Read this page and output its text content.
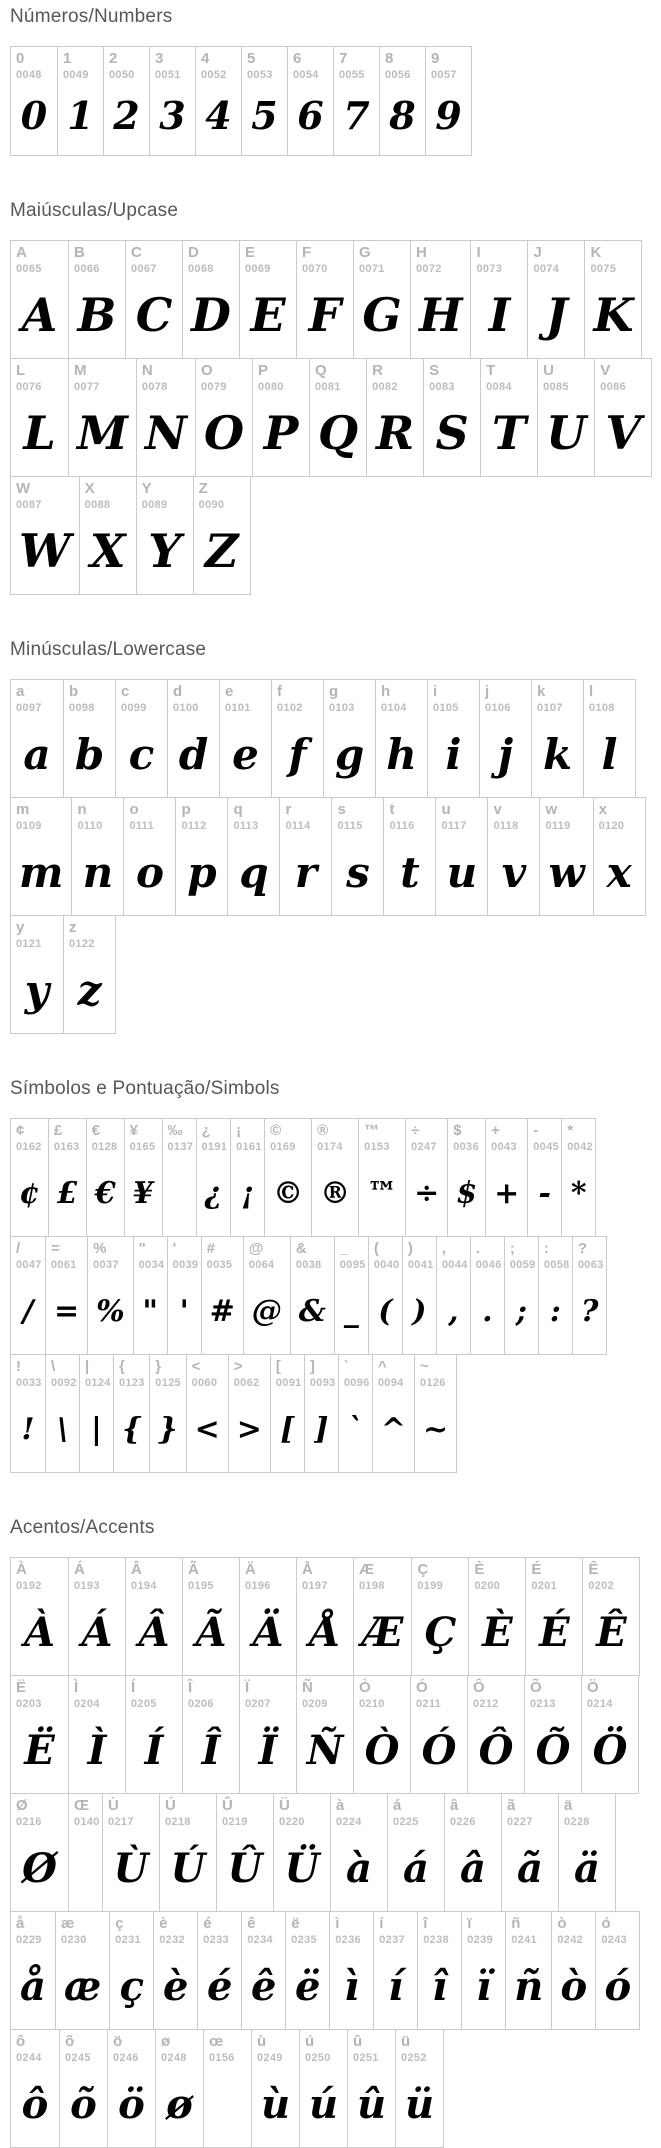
Números/Numbers
0
0048
0
1
0049
1
2
0050
2
3
0051
3
4
0052
4
5
0053
5
6
0054
6
7
0055
7
8
0056
8
9
0057
9
Maiúsculas/Upcase
A
0065
A
B
0066
B
C
0067
C
D
0068
D
E
0069
E
F
0070
F
G
0071
G
H
0072
H
I
0073
I
J
0074
J
K
0075
K
L
0076
L
M
0077
M
N
0078
N
O
0079
O
P
0080
P
Q
0081
Q
R
0082
R
S
0083
S
T
0084
T
U
0085
U
V
0086
V
W
0087
W
X
0088
X
Y
0089
Y
Z
0090
Z
Minúsculas/Lowercase
a
0097
a
b
0098
b
c
0099
c
d
0100
d
e
0101
e
f
0102
f
g
0103
g
h
0104
h
i
0105
i
j
0106
j
k
0107
k
l
0108
l
m
0109
m
n
0110
n
o
0111
o
p
0112
p
q
0113
q
r
0114
r
s
0115
s
t
0116
t
u
0117
u
v
0118
v
w
0119
w
x
0120
x
y
0121
y
z
0122
z
Símbolos e Pontuação/Simbols
¢
0162
¢
£
0163
£
€
0128
€
¥
0165
¥
‰
0137
¿
0191
¿
¡
0161
¡
©
0169
©
®
0174
®
™
0153
™
÷
0247
÷
$
0036
$
+
0043
+
-
0045
-
*
0042
*
/
0047
/
=
0061
=
%
0037
%
"
0034
"
'
0039
'
#
0035
#
@
0064
@
&
0038
&
_
0095
_
(
0040
(
)
0041
)
,
0044
,
.
0046
.
;
0059
;
:
0058
:
?
0063
?
!
0033
!
\
0092
\
|
0124
|
{
0123
{
}
0125
}
<
0060
<
>
0062
>
[
0091
[
]
0093
]
`
0096
`
^
0094
^
~
0126
~
Acentos/Accents
À
0192
À
Á
0193
Á
Â
0194
Â
Ã
0195
Ã
Ä
0196
Ä
Å
0197
Å
Æ
0198
Æ
Ç
0199
Ç
È
0200
È
É
0201
É
Ê
0202
Ê
Ë
0203
Ë
Ì
0204
Ì
Í
0205
Í
Î
0206
Î
Ï
0207
Ï
Ñ
0209
Ñ
Ò
0210
Ò
Ó
0211
Ó
Ô
0212
Ô
Õ
0213
Õ
Ö
0214
Ö
Ø
0216
Ø
Œ
0140
Ù
0217
Ù
Ú
0218
Ú
Û
0219
Û
Ü
0220
Ü
à
0224
à
á
0225
á
â
0226
â
ã
0227
ã
ä
0228
ä
å
0229
å
æ
0230
æ
ç
0231
ç
è
0232
è
é
0233
é
ê
0234
ê
ë
0235
ë
ì
0236
ì
í
0237
í
î
0238
î
ï
0239
ï
ñ
0241
ñ
ò
0242
ò
ó
0243
ó
ô
0244
ô
õ
0245
õ
ö
0246
ö
ø
0248
ø
œ
0156
ù
0249
ù
ú
0250
ú
û
0251
û
ü
0252
ü
